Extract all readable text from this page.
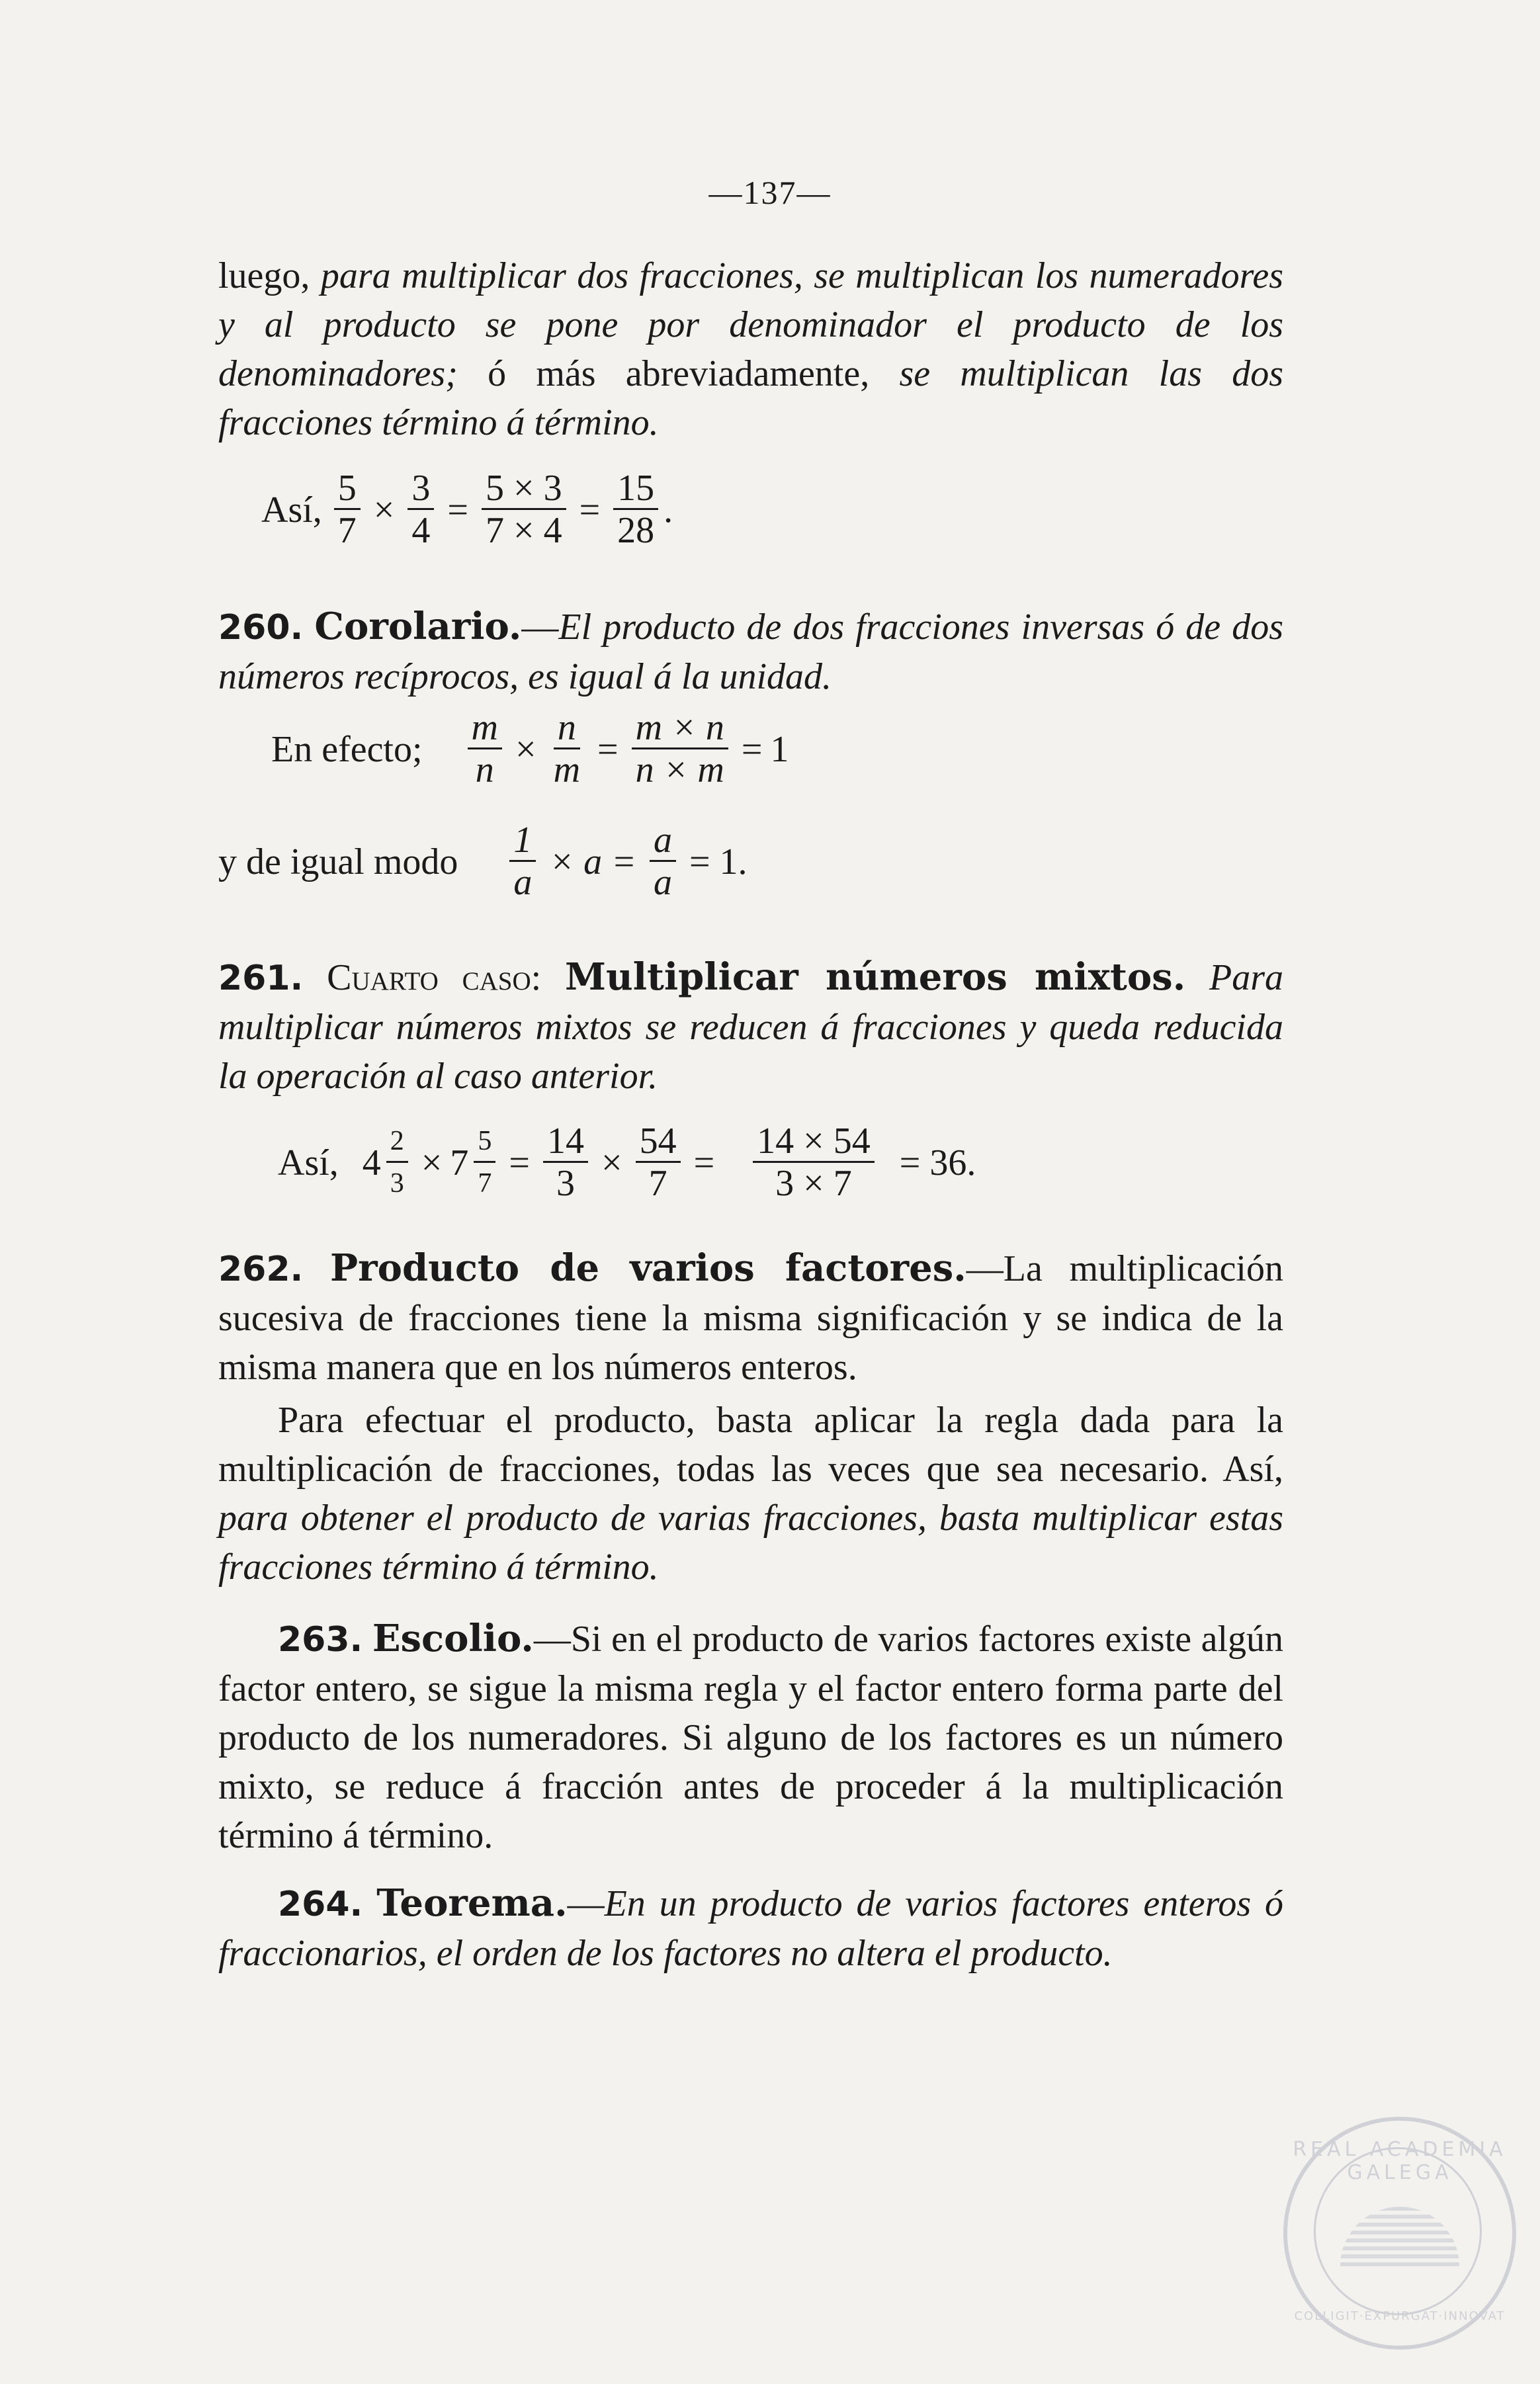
—137—
luego, para multiplicar dos fracciones, se multiplican los numeradores y al producto se pone por denominador el producto de los denominadores; ó más abreviadamente, se multiplican las dos fracciones término á término.
Así, $\frac{5}{7} \times \frac{3}{4} = \frac{5 \times 3}{7 \times 4} = \frac{15}{28}$ .
260. Corolario.—El producto de dos fracciones inversas ó de dos números recíprocos, es igual á la unidad.
En efecto; $\frac{m}{n} \times \frac{n}{m} = \frac{m \times n}{n \times m} = 1$
y de igual modo $\frac{1}{a} \times a = \frac{a}{a} = 1$.
261. Cuarto caso: Multiplicar números mixtos. Para multiplicar números mixtos se reducen á fracciones y queda reducida la operación al caso anterior.
Así, $4 \frac{2}{3} \times 7 \frac{5}{7} = \frac{14}{3} \times \frac{54}{7} = \frac{14 \times 54}{3 \times 7} = 36$.
262. Producto de varios factores.—La multiplicación sucesiva de fracciones tiene la misma significación y se indica de la misma manera que en los números enteros.
Para efectuar el producto, basta aplicar la regla dada para la multiplicación de fracciones, todas las veces que sea necesario. Así, para obtener el producto de varias fracciones, basta multiplicar estas fracciones término á término.
263. Escolio.—Si en el producto de varios factores existe algún factor entero, se sigue la misma regla y el factor entero forma parte del producto de los numeradores. Si alguno de los factores es un número mixto, se reduce á fracción antes de proceder á la multiplicación término á término.
264. Teorema.—En un producto de varios factores enteros ó fraccionarios, el orden de los factores no altera el producto.
REAL ACADEMIA GALEGA
COLLIGIT·EXPURGAT·INNOVAT
